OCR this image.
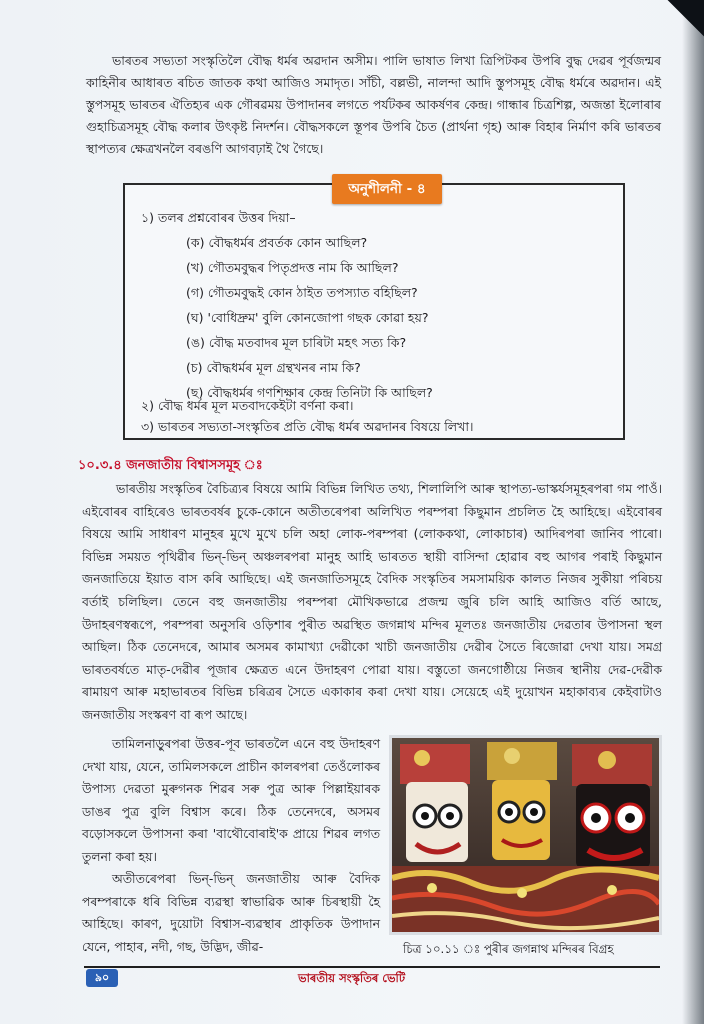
ভাৰতৰ সভ্যতা সংস্কৃতিলৈ বৌদ্ধ ধৰ্মৰ অৱদান অসীম। পালি ভাষাত লিখা ত্ৰিপিটকৰ উপৰি বুদ্ধ দেৱৰ পূৰ্বজন্মৰ কাহিনীৰ আধাৰত ৰচিত জাতক কথা আজিও সমাদৃত। সাঁচী, বল্লভী, নালন্দা আদি স্তুপসমূহ বৌদ্ধ ধৰ্মৰে অৱদান। এই স্তুপসমূহ ভাৰতৰ ঐতিহ্যৰ এক গৌৰৱময় উপাদানৰ লগতে পৰ্যটকৰ আকৰ্ষণৰ কেন্দ্ৰ। গান্ধাৰ চিত্ৰশিল্প, অজন্তা ইলোৰাৰ গুহাচিত্ৰসমূহ বৌদ্ধ কলাৰ উৎকৃষ্ট নিদৰ্শন। বৌদ্ধসকলে স্তূপৰ উপৰি চৈত (প্ৰাৰ্থনা গৃহ) আৰু বিহাৰ নিৰ্মাণ কৰি ভাৰতৰ স্থাপত্যৰ ক্ষেত্ৰখনলৈ বৰঙণি আগবঢ়াই থৈ গৈছে।

অনুশীলনী - ৪
১) তলৰ প্ৰশ্নবোৰৰ উত্তৰ দিয়া–
(ক) বৌদ্ধধৰ্মৰ প্ৰবৰ্তক কোন আছিল?
(খ) গৌতমবুদ্ধৰ পিতৃপ্ৰদত্ত নাম কি আছিল?
(গ) গৌতমবুদ্ধই কোন ঠাইত তপস্যাত বহিছিল?
(ঘ) 'বোধিদ্ৰুম' বুলি কোনজোপা গছক কোৱা হয়?
(ঙ) বৌদ্ধ মতবাদৰ মূল চাৰিটা মহৎ সত্য কি?
(চ) বৌদ্ধধৰ্মৰ মূল গ্ৰন্থখনৰ নাম কি?
(ছ) বৌদ্ধধৰ্মৰ গণশিক্ষাৰ কেন্দ্ৰ তিনিটা কি আছিল?
২) বৌদ্ধ ধৰ্মৰ মূল মতবাদকেইটা বৰ্ণনা কৰা।
৩) ভাৰতৰ সভ্যতা-সংস্কৃতিৰ প্ৰতি বৌদ্ধ ধৰ্মৰ অৱদানৰ বিষয়ে লিখা।
১০.৩.৪ জনজাতীয় বিশ্বাসসমূহ ঃ

ভাৰতীয় সংস্কৃতিৰ বৈচিত্ৰ্যৰ বিষয়ে আমি বিভিন্ন লিখিত তথ্য, শিলালিপি আৰু স্থাপত্য-ভাস্কৰ্যসমূহৰপৰা গম পাওঁ। এইবোৰৰ বাহিৰেও ভাৰতবৰ্ষৰ চুকে-কোনে অতীতৰেপৰা অলিখিত পৰম্পৰা কিছুমান প্ৰচলিত হৈ আহিছে। এইবোৰৰ বিষয়ে আমি সাধাৰণ মানুহৰ মুখে মুখে চলি অহা লোক-পৰম্পৰা (লোককথা, লোকাচাৰ) আদিৰপৰা জানিব পাৰো। বিভিন্ন সময়ত পৃথিৱীৰ ভিন্-ভিন্ অঞ্চলৰপৰা মানুহ আহি ভাৰতত স্থায়ী বাসিন্দা হোৱাৰ বহু আগৰ পৰাই কিছুমান জনজাতিয়ে ইয়াত বাস কৰি আছিছে। এই জনজাতিসমূহে বৈদিক সংস্কৃতিৰ সমসাময়িক কালত নিজৰ সুকীয়া পৰিচয় বৰ্তাই চলিছিল। তেনে বহু জনজাতীয় পৰম্পৰা মৌখিকভাৱে প্ৰজন্ম জুৰি চলি আহি আজিও বৰ্তি আছে, উদাহৰণস্বৰূপে, পৰম্পৰা অনুসৰি ওড়িশাৰ পুৰীত অৱস্থিত জগন্নাথ মন্দিৰ মূলতঃ জনজাতীয় দেৱতাৰ উপাসনা স্থল আছিল। ঠিক তেনেদৰে, আমাৰ অসমৰ কামাখ্যা দেৱীকো খাচী জনজাতীয় দেৱীৰ সৈতে ৰিজোৱা দেখা যায়। সমগ্ৰ ভাৰতবৰ্ষতে মাতৃ-দেৱীৰ পূজাৰ ক্ষেত্ৰত এনে উদাহৰণ পোৱা যায়। বস্তুতো জনগোষ্ঠীয়ে নিজৰ স্থানীয় দেৱ-দেৱীক ৰামায়ণ আৰু মহাভাৰতৰ বিভিন্ন চৰিত্ৰৰ সৈতে একাকাৰ কৰা দেখা যায়। সেয়েহে এই দুয়োখন মহাকাব্যৰ কেইবাটাও জনজাতীয় সংস্কৰণ বা ৰূপ আছে।

তামিলনাড়ুৰপৰা উত্তৰ-পূব ভাৰতলৈ এনে বহু উদাহৰণ দেখা যায়, যেনে, তামিলসকলে প্ৰাচীন কালৰপৰা তেওঁলোকৰ উপাস্য দেৱতা মুৰুগনক শিৱৰ সৰু পুত্ৰ আৰু পিল্লাইয়াৰক ডাঙৰ পুত্ৰ বুলি বিশ্বাস কৰে। ঠিক তেনেদৰে, অসমৰ বড়োসকলে উপাসনা কৰা 'বাথৌবোৰাই'ক প্ৰায়ে শিৱৰ লগত তুলনা কৰা হয়।

অতীতৰেপৰা ভিন্-ভিন্ জনজাতীয় আৰু বৈদিক পৰম্পৰাকে ধৰি বিভিন্ন ব্যৱস্থা স্বাভাৱিক আৰু চিৰস্থায়ী হৈ আহিছে। কাৰণ, দুয়োটা বিশ্বাস-ব্যৱস্থাৰ প্ৰাকৃতিক উপাদান যেনে, পাহাৰ, নদী, গছ, উদ্ভিদ, জীৱ-	চিত্ৰ ১০.১১ ঃ পুৰীৰ জগন্নাথ মন্দিৰৰ বিগ্ৰহ
৯০	ভাৰতীয় সংস্কৃতিৰ ভেটি
